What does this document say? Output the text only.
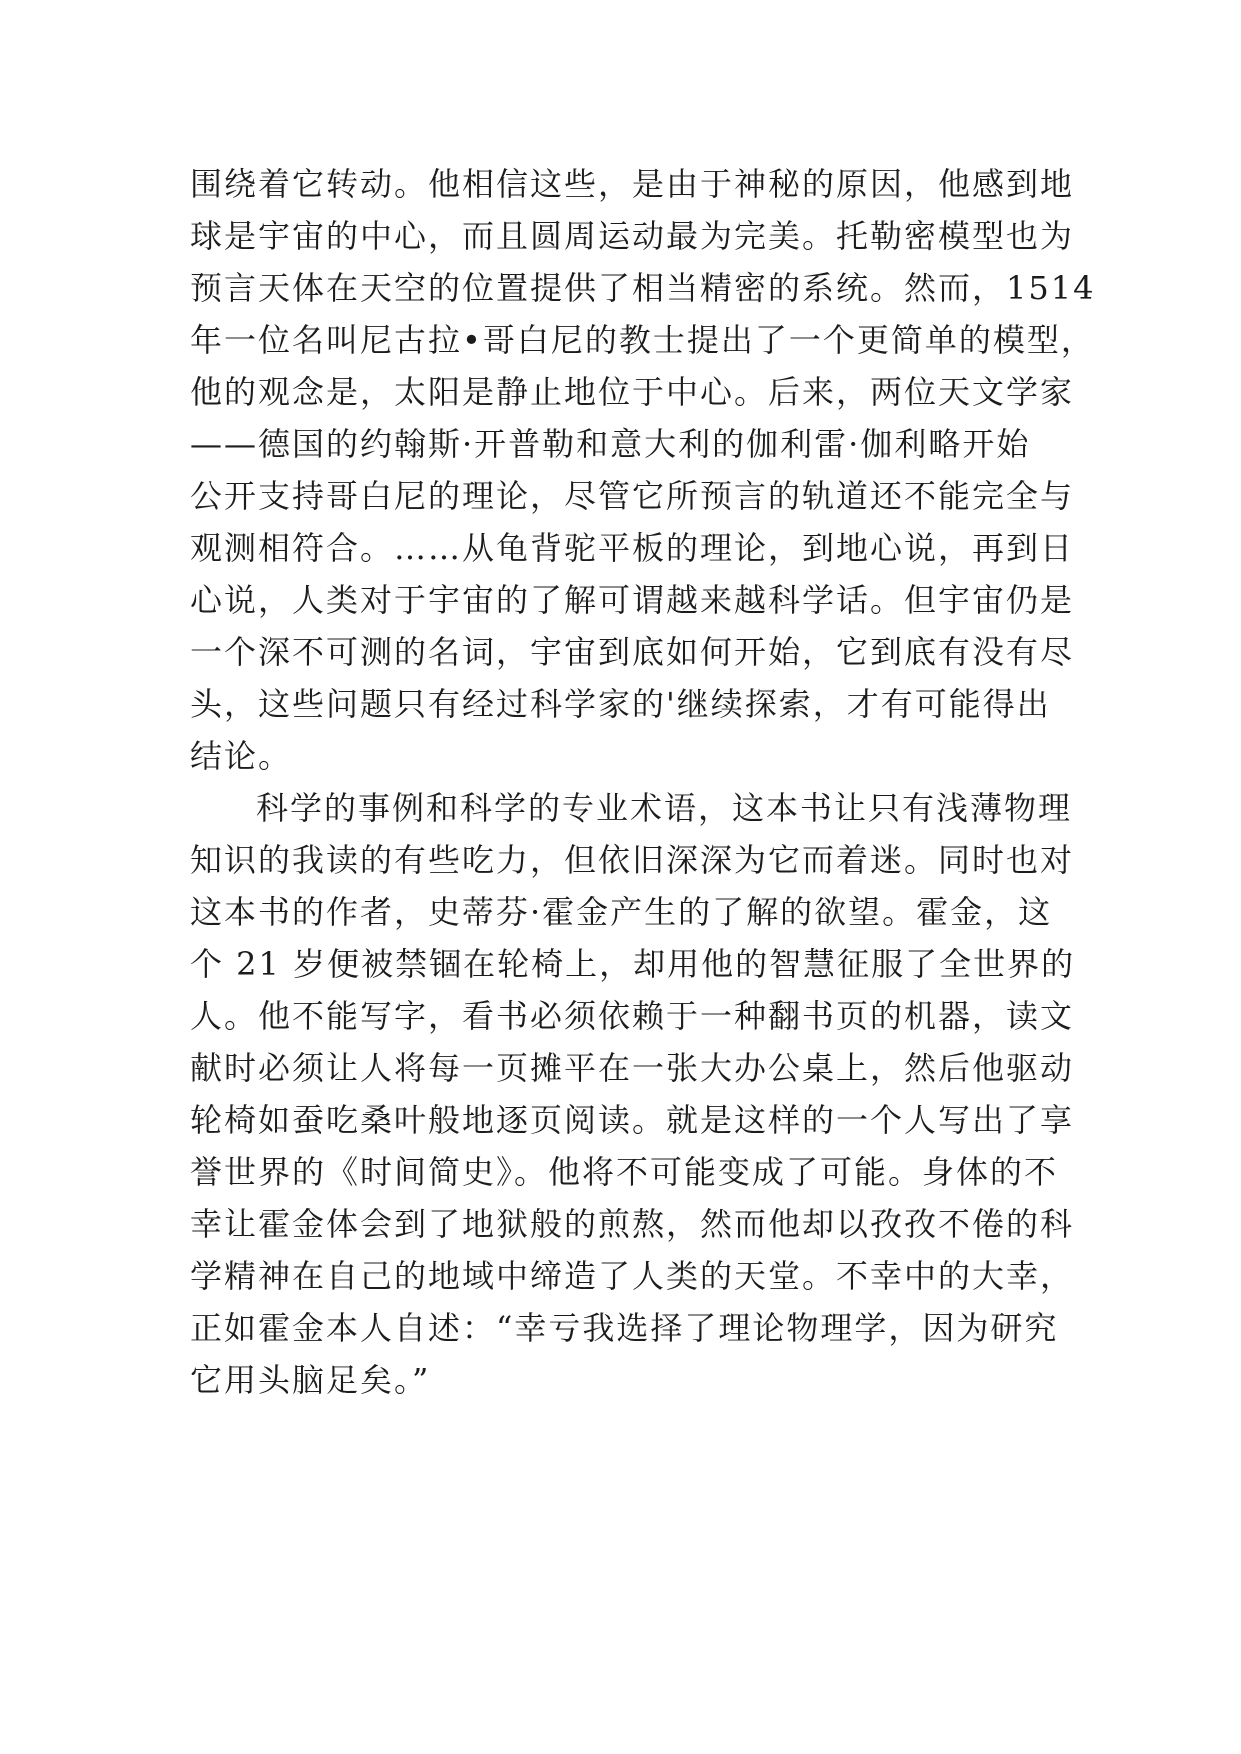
围绕着它转动。他相信这些，是由于神秘的原因，他感到地
球是宇宙的中心，而且圆周运动最为完美。托勒密模型也为
预言天体在天空的位置提供了相当精密的系统。然而，1514
年一位名叫尼古拉•哥白尼的教士提出了一个更简单的模型，
他的观念是，太阳是静止地位于中心。后来，两位天文学家
——德国的约翰斯·开普勒和意大利的伽利雷·伽利略开始
公开支持哥白尼的理论，尽管它所预言的轨道还不能完全与
观测相符合。……从龟背驼平板的理论，到地心说，再到日
心说，人类对于宇宙的了解可谓越来越科学话。但宇宙仍是
一个深不可测的名词，宇宙到底如何开始，它到底有没有尽
头，这些问题只有经过科学家的'继续探索，才有可能得出
结论。
科学的事例和科学的专业术语，这本书让只有浅薄物理
知识的我读的有些吃力，但依旧深深为它而着迷。同时也对
这本书的作者，史蒂芬·霍金产生的了解的欲望。霍金，这
个 21 岁便被禁锢在轮椅上，却用他的智慧征服了全世界的
人。他不能写字，看书必须依赖于一种翻书页的机器，读文
献时必须让人将每一页摊平在一张大办公桌上，然后他驱动
轮椅如蚕吃桑叶般地逐页阅读。就是这样的一个人写出了享
誉世界的《时间简史》。他将不可能变成了可能。身体的不
幸让霍金体会到了地狱般的煎熬，然而他却以孜孜不倦的科
学精神在自己的地域中缔造了人类的天堂。不幸中的大幸，
正如霍金本人自述：“幸亏我选择了理论物理学，因为研究
它用头脑足矣。”
